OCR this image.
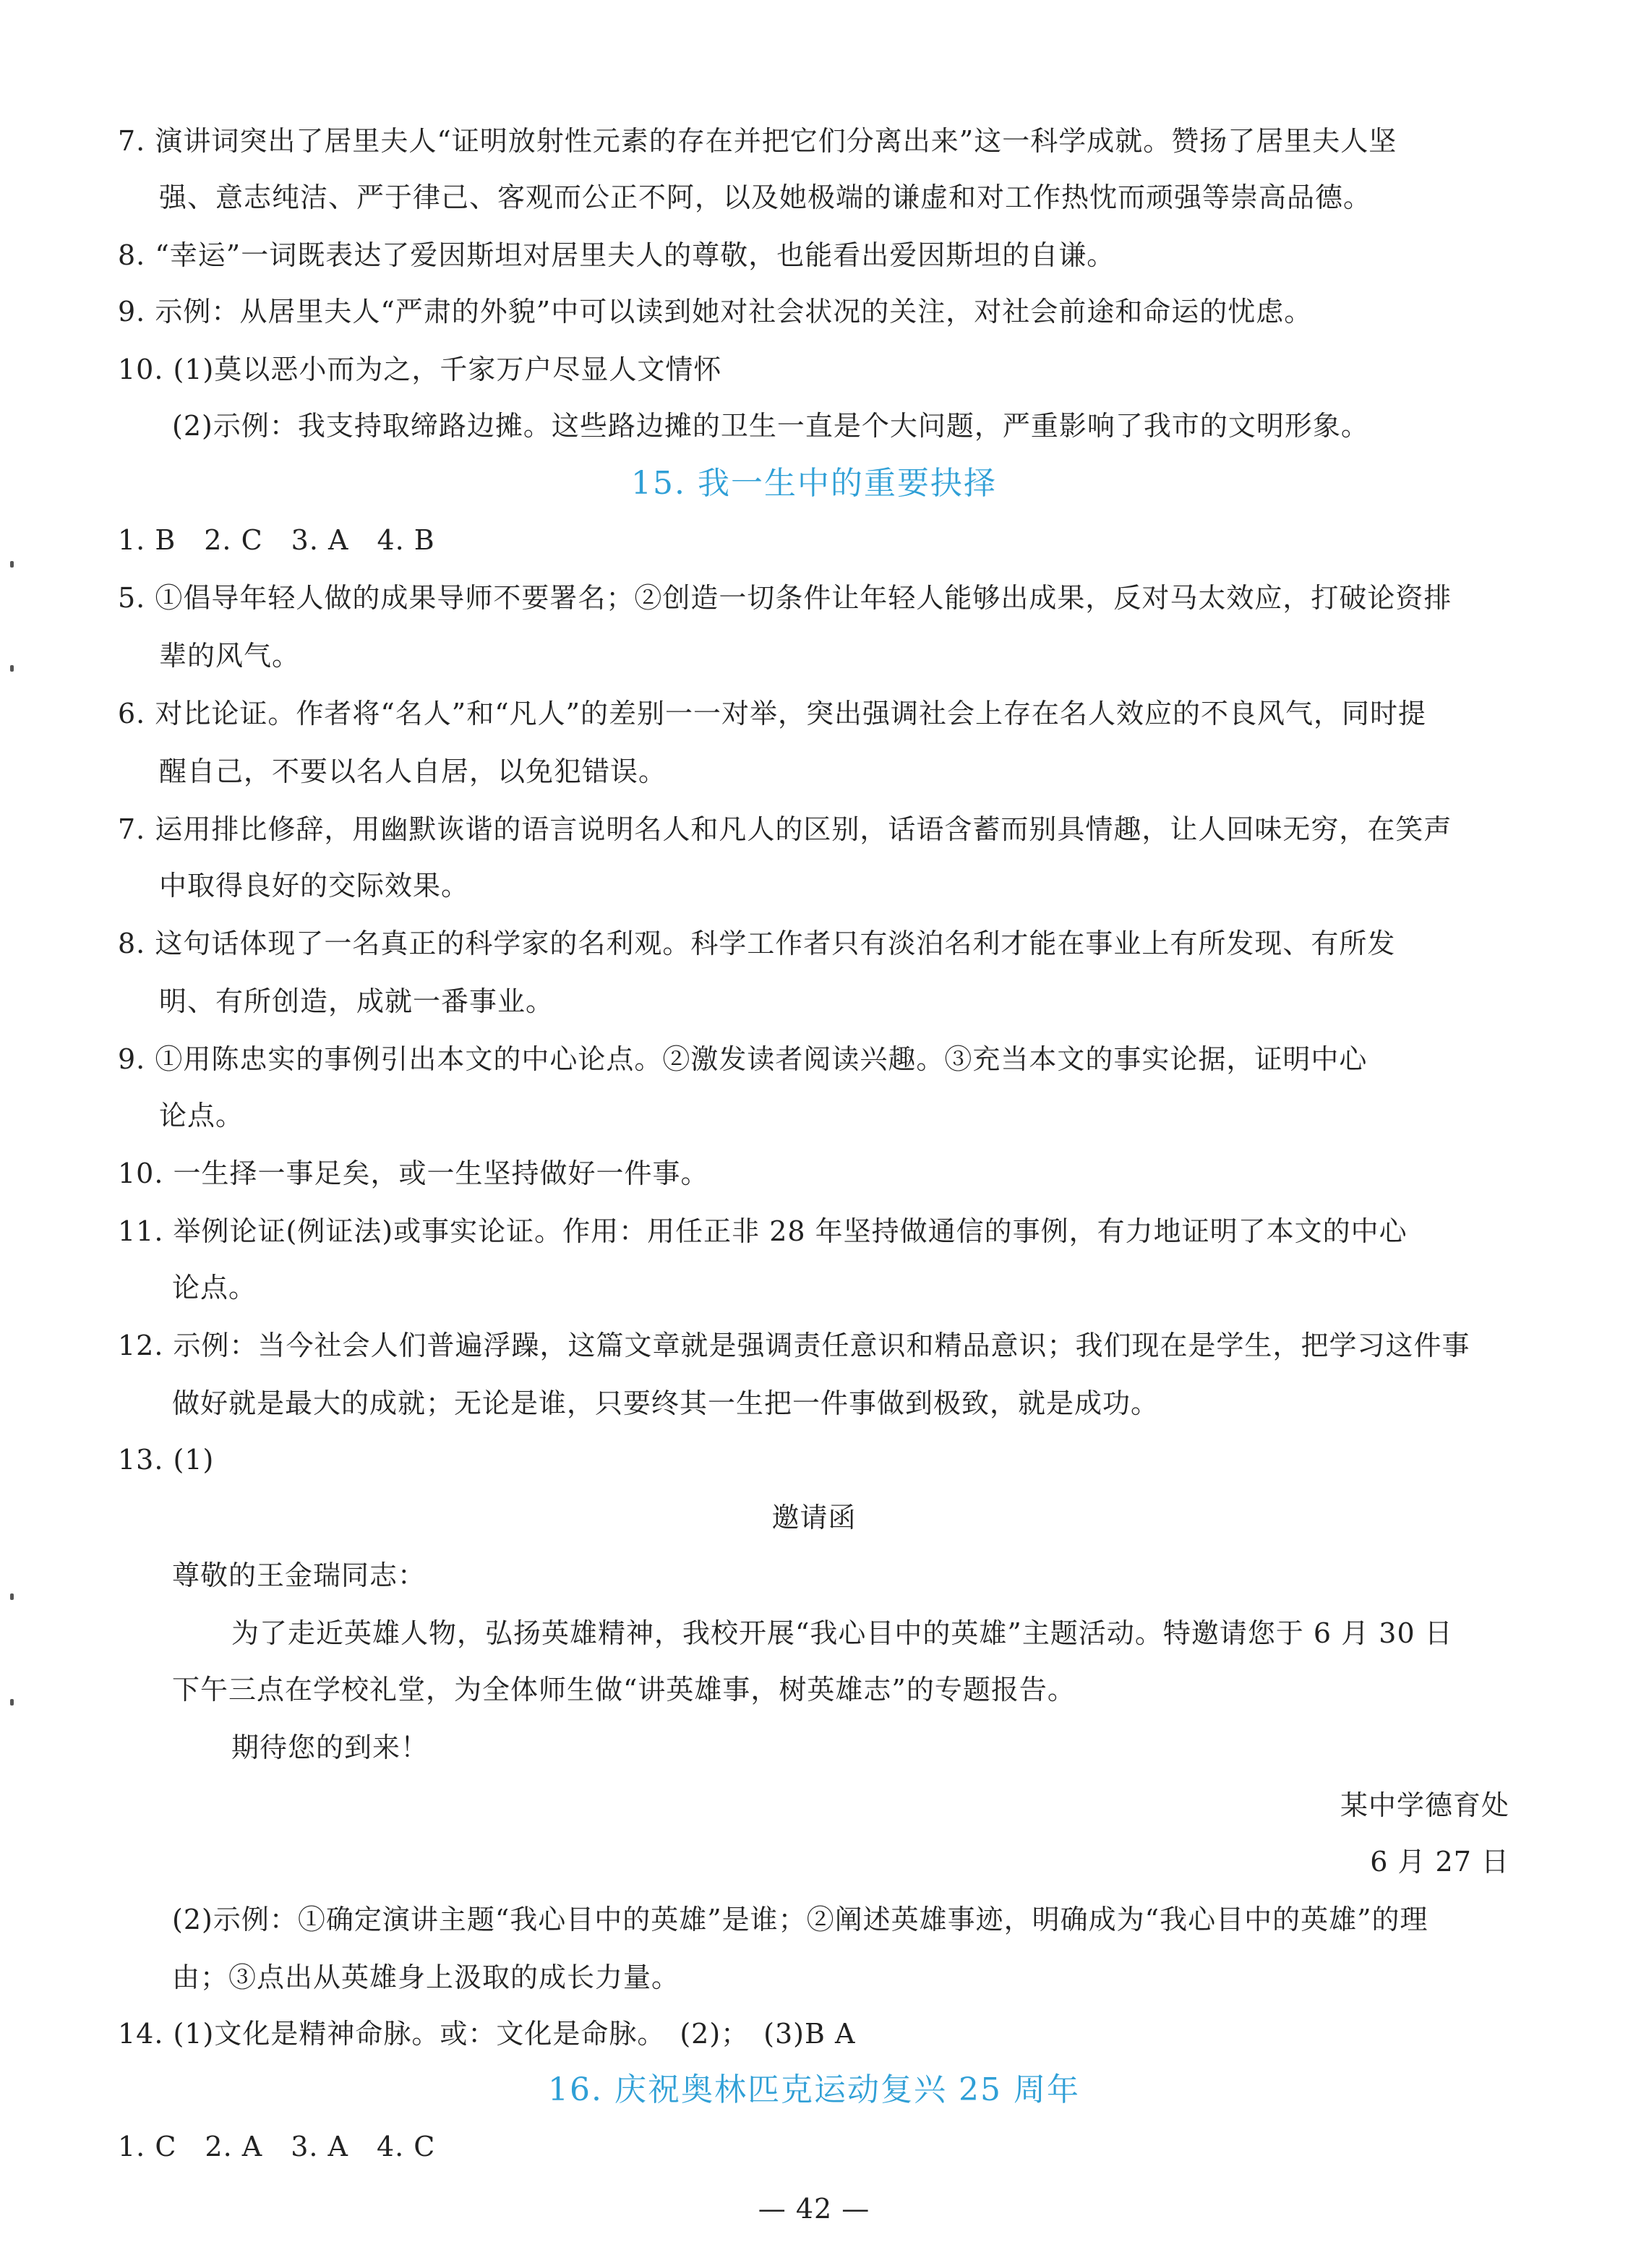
7. 演讲词突出了居里夫人“证明放射性元素的存在并把它们分离出来”这一科学成就。赞扬了居里夫人坚
强、意志纯洁、严于律己、客观而公正不阿，以及她极端的谦虚和对工作热忱而顽强等崇高品德。
8. “幸运”一词既表达了爱因斯坦对居里夫人的尊敬，也能看出爱因斯坦的自谦。
9. 示例：从居里夫人“严肃的外貌”中可以读到她对社会状况的关注，对社会前途和命运的忧虑。
10. (1)莫以恶小而为之，千家万户尽显人文情怀
(2)示例：我支持取缔路边摊。这些路边摊的卫生一直是个大问题，严重影响了我市的文明形象。
15. 我一生中的重要抉择
1. B　2. C　3. A　4. B
5. ①倡导年轻人做的成果导师不要署名；②创造一切条件让年轻人能够出成果，反对马太效应，打破论资排
辈的风气。
6. 对比论证。作者将“名人”和“凡人”的差别一一对举，突出强调社会上存在名人效应的不良风气，同时提
醒自己，不要以名人自居，以免犯错误。
7. 运用排比修辞，用幽默诙谐的语言说明名人和凡人的区别，话语含蓄而别具情趣，让人回味无穷，在笑声
中取得良好的交际效果。
8. 这句话体现了一名真正的科学家的名利观。科学工作者只有淡泊名利才能在事业上有所发现、有所发
明、有所创造，成就一番事业。
9. ①用陈忠实的事例引出本文的中心论点。②激发读者阅读兴趣。③充当本文的事实论据，证明中心
论点。
10. 一生择一事足矣，或一生坚持做好一件事。
11. 举例论证(例证法)或事实论证。作用：用任正非 28 年坚持做通信的事例，有力地证明了本文的中心
论点。
12. 示例：当今社会人们普遍浮躁，这篇文章就是强调责任意识和精品意识；我们现在是学生，把学习这件事
做好就是最大的成就；无论是谁，只要终其一生把一件事做到极致，就是成功。
13. (1)
邀请函
尊敬的王金瑞同志：
为了走近英雄人物，弘扬英雄精神，我校开展“我心目中的英雄”主题活动。特邀请您于 6 月 30 日
下午三点在学校礼堂，为全体师生做“讲英雄事，树英雄志”的专题报告。
期待您的到来！
某中学德育处
6 月 27 日
(2)示例：①确定演讲主题“我心目中的英雄”是谁；②阐述英雄事迹，明确成为“我心目中的英雄”的理
由；③点出从英雄身上汲取的成长力量。
14. (1)文化是精神命脉。或：文化是命脉。　(2)；　(3)B A
16. 庆祝奥林匹克运动复兴 25 周年
1. C　2. A　3. A　4. C
— 42 —
